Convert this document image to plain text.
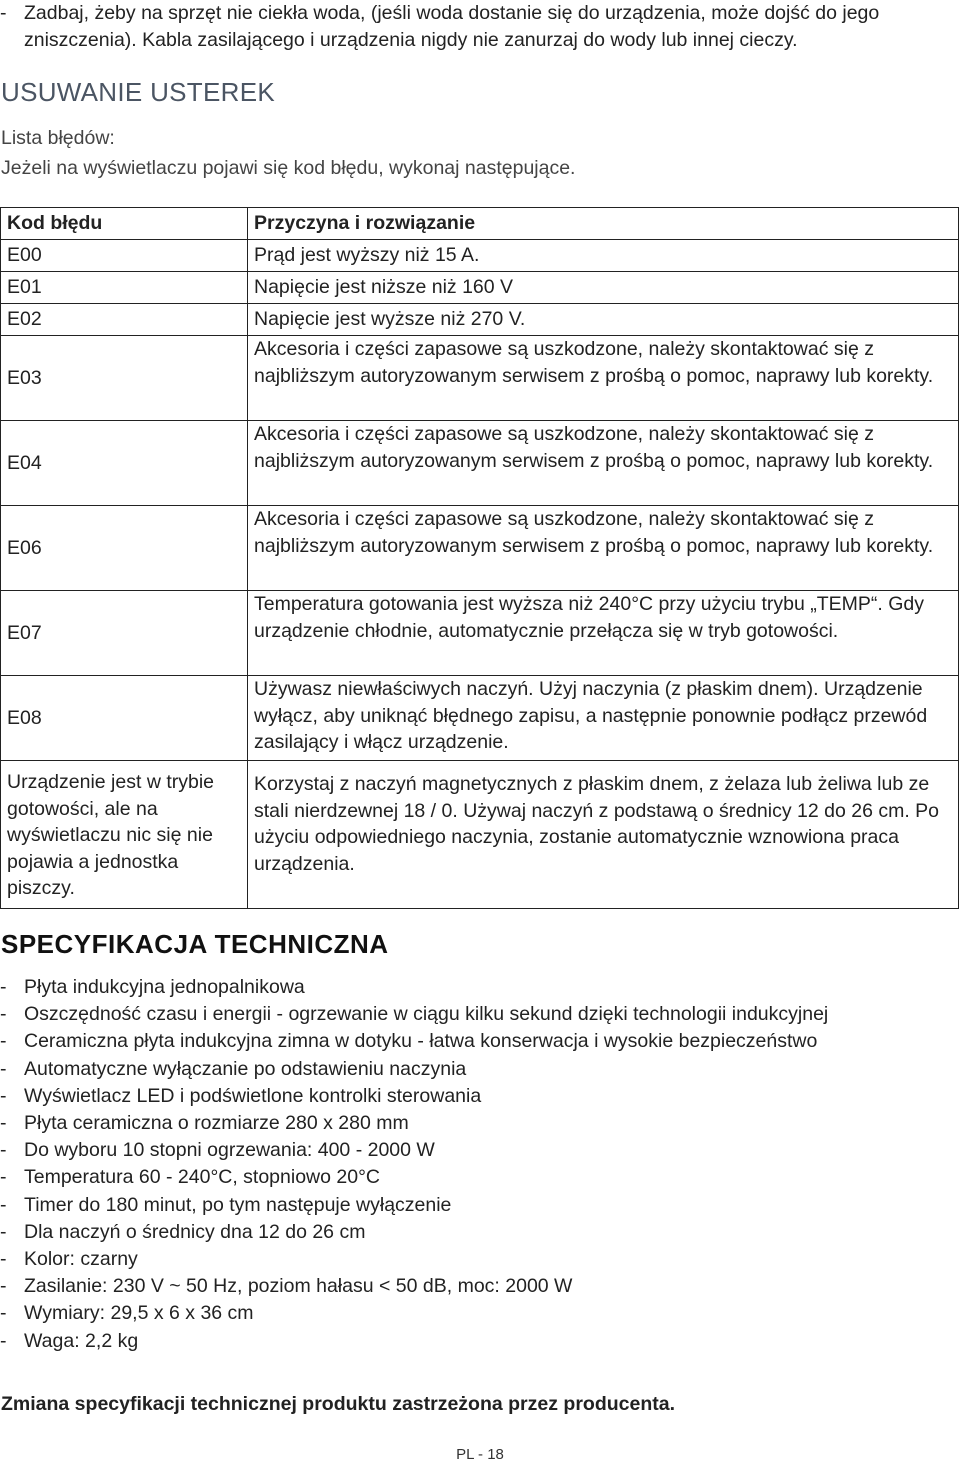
- Zadbaj, żeby na sprzęt nie ciekła woda, (jeśli woda dostanie się do urządzenia, może dojść do jego zniszczenia). Kabla zasilającego i urządzenia nigdy nie zanurzaj do wody lub innej cieczy.
USUWANIE USTEREK
Lista błędów:
Jeżeli na wyświetlaczu pojawi się kod błędu, wykonaj następujące.
Kod błędu	Przyczyna i rozwiązanie
E00	Prąd jest wyższy niż 15 A.
E01	Napięcie jest niższe niż 160 V
E02	Napięcie jest wyższe niż 270 V.
E03	Akcesoria i części zapasowe są uszkodzone, należy skontaktować się z najbliższym autoryzowanym serwisem z prośbą o pomoc, naprawy lub korekty.
E04	Akcesoria i części zapasowe są uszkodzone, należy skontaktować się z najbliższym autoryzowanym serwisem z prośbą o pomoc, naprawy lub korekty.
E06	Akcesoria i części zapasowe są uszkodzone, należy skontaktować się z najbliższym autoryzowanym serwisem z prośbą o pomoc, naprawy lub korekty.
E07	Temperatura gotowania jest wyższa niż 240°C przy użyciu trybu „TEMP“. Gdy urządzenie chłodnie, automatycznie przełącza się w tryb gotowości.
E08	Używasz niewłaściwych naczyń. Użyj naczynia (z płaskim dnem). Urządzenie wyłącz, aby uniknąć błędnego zapisu, a następnie ponownie podłącz przewód zasilający i włącz urządzenie.
Urządzenie jest w trybie gotowości, ale na wyświetlaczu nic się nie pojawia a jednostka piszczy.	Korzystaj z naczyń magnetycznych z płaskim dnem, z żelaza lub żeliwa lub ze stali nierdzewnej 18 / 0. Używaj naczyń z podstawą o średnicy 12 do 26 cm. Po użyciu odpowiedniego naczynia, zostanie automatycznie wznowiona praca urządzenia.
SPECYFIKACJA TECHNICZNA
- Płyta indukcyjna jednopalnikowa
- Oszczędność czasu i energii - ogrzewanie w ciągu kilku sekund dzięki technologii indukcyjnej
- Ceramiczna płyta indukcyjna zimna w dotyku - łatwa konserwacja i wysokie bezpieczeństwo
- Automatyczne wyłączanie po odstawieniu naczynia
- Wyświetlacz LED i podświetlone kontrolki sterowania
- Płyta ceramiczna o rozmiarze 280 x 280 mm
- Do wyboru 10 stopni ogrzewania: 400 - 2000 W
- Temperatura 60 - 240°C, stopniowo 20°C
- Timer do 180 minut, po tym następuje wyłączenie
- Dla naczyń o średnicy dna 12 do 26 cm
- Kolor: czarny
- Zasilanie: 230 V ~ 50 Hz, poziom hałasu < 50 dB, moc: 2000 W
- Wymiary: 29,5 x 6 x 36 cm
- Waga: 2,2 kg
Zmiana specyfikacji technicznej produktu zastrzeżona przez producenta.
PL - 18
